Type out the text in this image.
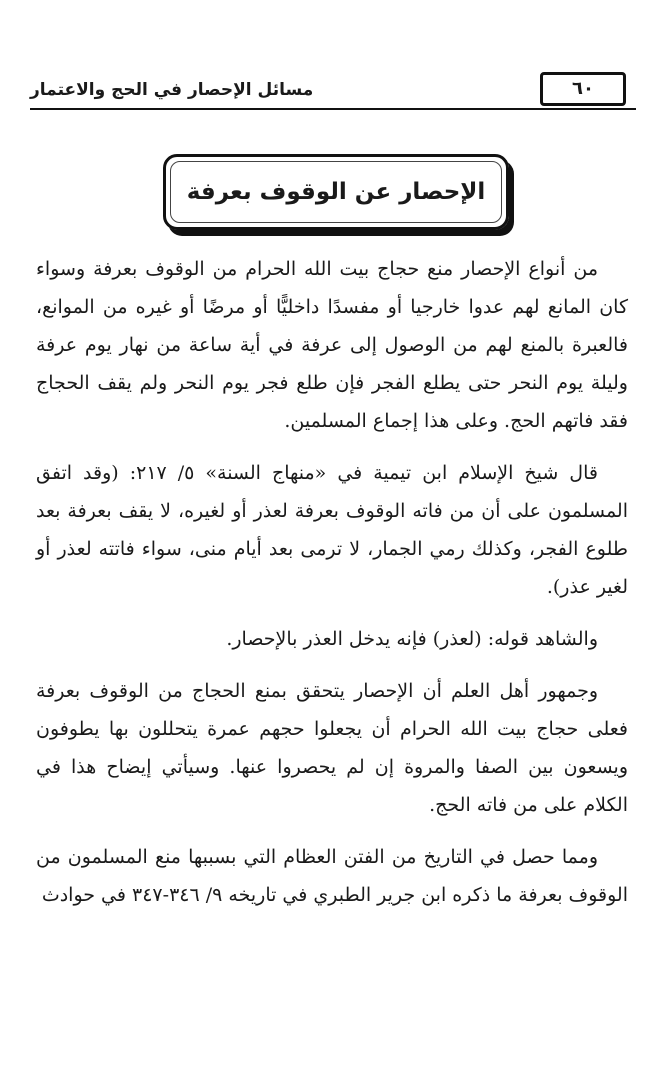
٦٠
مسائل الإحصار في الحج والاعتمار
الإحصار عن الوقوف بعرفة

من أنواع الإحصار منع حجاج بيت الله الحرام من الوقوف بعرفة وسواء كان المانع لهم عدوا خارجيا أو مفسدًا داخليًّا أو مرضًا أو غيره من الموانع، فالعبرة بالمنع لهم من الوصول إلى عرفة في أية ساعة من نهار يوم عرفة وليلة يوم النحر حتى يطلع الفجر فإن طلع فجر يوم النحر ولم يقف الحجاج فقد فاتهم الحج. وعلى هذا إجماع المسلمين.

قال شيخ الإسلام ابن تيمية في «منهاج السنة» ٥/ ٢١٧: (وقد اتفق المسلمون على أن من فاته الوقوف بعرفة لعذر أو لغيره، لا يقف بعرفة بعد طلوع الفجر، وكذلك رمي الجمار، لا ترمى بعد أيام منى، سواء فاتته لعذر أو لغير عذر).

والشاهد قوله: (لعذر) فإنه يدخل العذر بالإحصار.

وجمهور أهل العلم أن الإحصار يتحقق بمنع الحجاج من الوقوف بعرفة فعلى حجاج بيت الله الحرام أن يجعلوا حجهم عمرة يتحللون بها يطوفون ويسعون بين الصفا والمروة إن لم يحصروا عنها. وسيأتي إيضاح هذا في الكلام على من فاته الحج.

ومما حصل في التاريخ من الفتن العظام التي بسببها منع المسلمون من الوقوف بعرفة ما ذكره ابن جرير الطبري في تاريخه ٩/ ٣٤٦-٣٤٧ في حوادث
